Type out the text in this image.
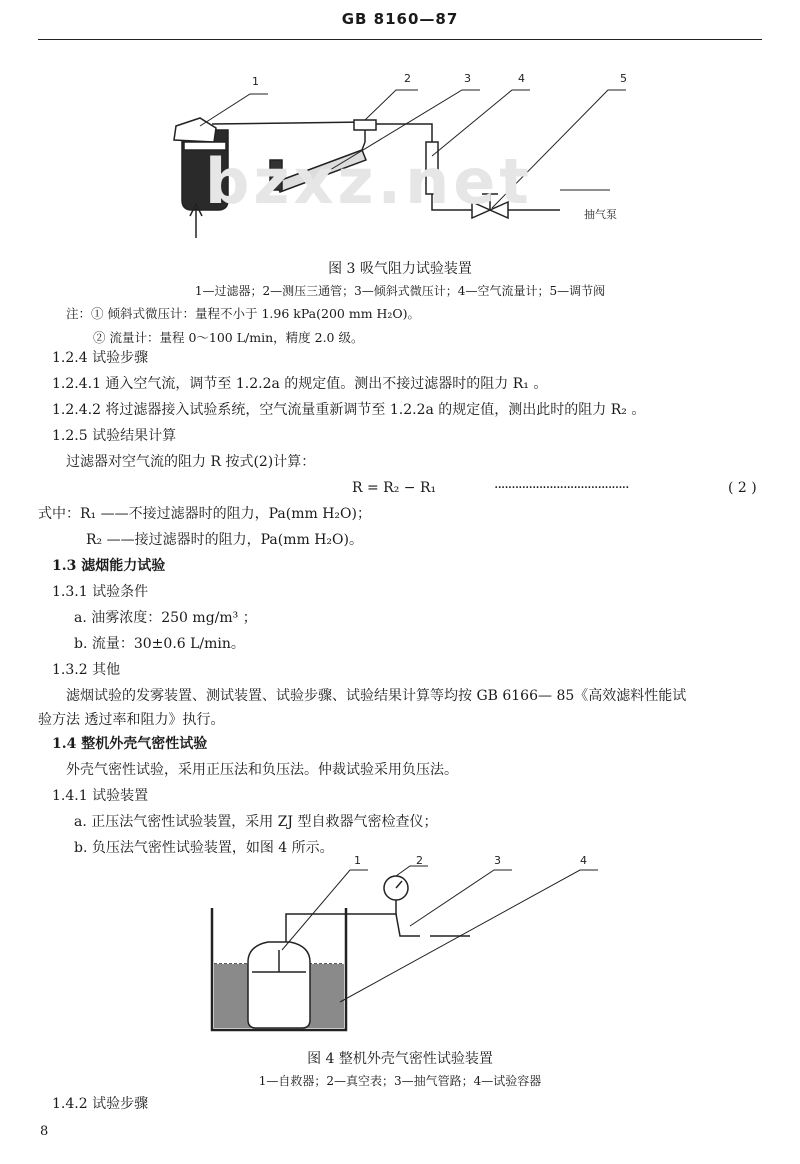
GB 8160—87
1	2	3	4	5
抽气泵
bzxz.net
图 3 吸气阻力试验装置
1—过滤器；2—测压三通管；3—倾斜式微压计；4—空气流量计；5—调节阀
注：① 倾斜式微压计：量程不小于 1.96 kPa(200 mm H₂O)。
② 流量计：量程 0～100 L/min，精度 2.0 级。
1.2.4 试验步骤
1.2.4.1 通入空气流，调节至 1.2.2a 的规定值。测出不接过滤器时的阻力 R₁ 。
1.2.4.2 将过滤器接入试验系统，空气流量重新调节至 1.2.2a 的规定值，测出此时的阻力 R₂ 。
1.2.5 试验结果计算
过滤器对空气流的阻力 R 按式(2)计算：
R = R₂ − R₁	·······································	( 2 )
式中：R₁ ——不接过滤器时的阻力，Pa(mm H₂O)；
R₂ ——接过滤器时的阻力，Pa(mm H₂O)。
1.3 滤烟能力试验
1.3.1 试验条件
a. 油雾浓度：250 mg/m³ ；
b. 流量：30±0.6 L/min。
1.3.2 其他
滤烟试验的发雾装置、测试装置、试验步骤、试验结果计算等均按 GB 6166— 85《高效滤料性能试
验方法 透过率和阻力》执行。
1.4 整机外壳气密性试验
外壳气密性试验，采用正压法和负压法。仲裁试验采用负压法。
1.4.1 试验装置
a. 正压法气密性试验装置，采用 ZJ 型自救器气密检查仪；
b. 负压法气密性试验装置，如图 4 所示。
1	2	3	4
图 4 整机外壳气密性试验装置
1—自救器；2—真空表；3—抽气管路；4—试验容器
1.4.2 试验步骤
8
